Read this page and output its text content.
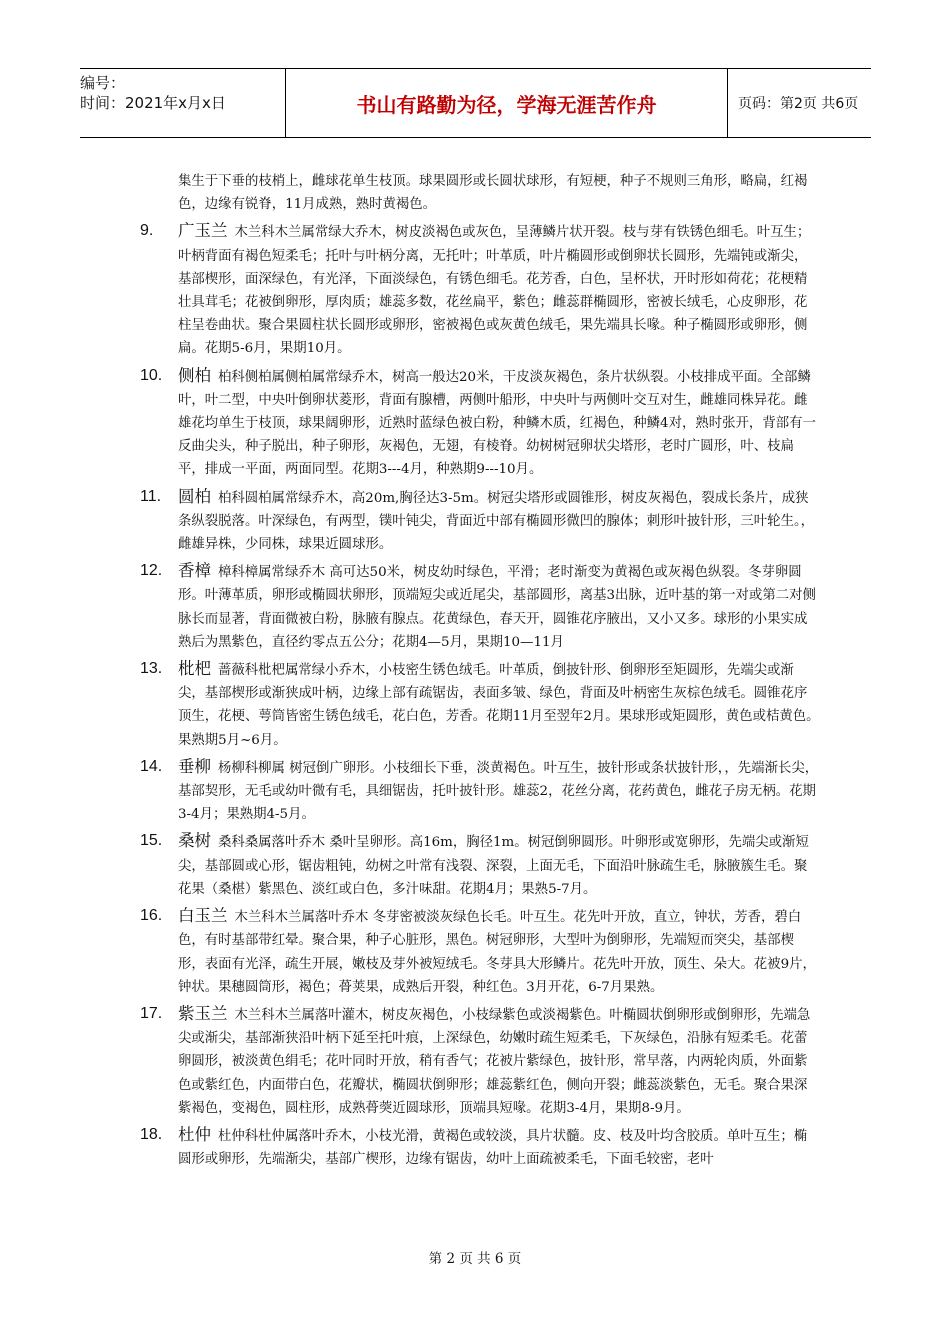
编号：
时间：2021年x月x日	书山有路勤为径，学海无涯苦作舟	页码：第2页 共6页
集生于下垂的枝梢上，雌球花单生枝顶。球果圆形或长圆状球形，有短梗，种子不规则三角形，略扁，红褐色，边缘有锐脊，11月成熟，熟时黄褐色。
9. 广玉兰 木兰科木兰属常绿大乔木，树皮淡褐色或灰色，呈薄鳞片状开裂。枝与芽有铁锈色细毛。叶互生；叶柄背面有褐色短柔毛；托叶与叶柄分离，无托叶；叶革质，叶片椭圆形或倒卵状长圆形，先端钝或渐尖，基部楔形，面深绿色，有光泽，下面淡绿色，有锈色细毛。花芳香，白色，呈杯状，开时形如荷花；花梗精壮具茸毛；花被倒卵形，厚肉质；雄蕊多数，花丝扁平，紫色；雌蕊群椭圆形，密被长绒毛，心皮卵形，花柱呈卷曲状。聚合果圆柱状长圆形或卵形，密被褐色或灰黄色绒毛，果先端具长喙。种子椭圆形或卵形，侧扁。花期5-6月，果期10月。
10. 侧柏 柏科侧柏属侧柏属常绿乔木，树高一般达20米，干皮淡灰褐色，条片状纵裂。小枝排成平面。全部鳞叶，叶二型，中央叶倒卵状菱形，背面有腺槽，两侧叶船形，中央叶与两侧叶交互对生，雌雄同株异花。雌雄花均单生于枝顶，球果阔卵形，近熟时蓝绿色被白粉，种鳞木质，红褐色，种鳞4对，熟时张开，背部有一反曲尖头，种子脱出，种子卵形，灰褐色，无翅，有棱脊。幼树树冠卵状尖塔形，老时广圆形，叶、枝扁平，排成一平面，两面同型。花期3---4月，种熟期9---10月。
11. 圆柏 柏科圆柏属常绿乔木，高20m,胸径达3-5m。树冠尖塔形或圆锥形，树皮灰褐色，裂成长条片，成狭条纵裂脱落。叶深绿色，有两型，镤叶钝尖，背面近中部有椭圆形微凹的腺体；刺形叶披针形，三叶轮生。，雌雄异株，少同株，球果近圆球形。
12. 香樟 樟科樟属常绿乔木 高可达50米，树皮幼时绿色，平滑；老时渐变为黄褐色或灰褐色纵裂。冬芽卵圆形。叶薄革质，卵形或椭圆状卵形，顶端短尖或近尾尖，基部圆形，离基3出脉，近叶基的第一对或第二对侧脉长而显著，背面微被白粉，脉腋有腺点。花黄绿色，春天开，圆锥花序腋出，又小又多。球形的小果实成熟后为黑紫色，直径约零点五公分；花期4—5月，果期10—11月
13. 枇杷 蔷薇科枇杷属常绿小乔木，小枝密生锈色绒毛。叶革质，倒披针形、倒卵形至矩圆形，先端尖或渐尖，基部楔形或渐狭成叶柄，边缘上部有疏锯齿，表面多皱、绿色，背面及叶柄密生灰棕色绒毛。圆锥花序顶生，花梗、萼筒皆密生锈色绒毛，花白色，芳香。花期11月至翌年2月。果球形或矩圆形，黄色或桔黄色。果熟期5月~6月。
14. 垂柳 杨柳科柳属 树冠倒广卵形。小枝细长下垂，淡黄褐色。叶互生，披针形或条状披针形，，先端渐长尖，基部契形，无毛或幼叶微有毛，具细锯齿，托叶披针形。雄蕊2，花丝分离，花药黄色，雌花子房无柄。花期3-4月；果熟期4-5月。
15. 桑树 桑科桑属落叶乔木 桑叶呈卵形。高16m，胸径1m。树冠倒卵圆形。叶卵形或宽卵形，先端尖或渐短尖，基部圆或心形，锯齿粗钝，幼树之叶常有浅裂、深裂，上面无毛，下面沿叶脉疏生毛，脉腋簇生毛。聚花果（桑椹）紫黑色、淡红或白色，多汁味甜。花期4月；果熟5-7月。
16. 白玉兰 木兰科木兰属落叶乔木 冬芽密被淡灰绿色长毛。叶互生。花先叶开放，直立，钟状，芳香，碧白色，有时基部带红晕。聚合果，种子心脏形，黑色。树冠卵形，大型叶为倒卵形，先端短而突尖，基部楔形，表面有光泽，疏生开展，嫩枝及芽外被短绒毛。冬芽具大形鳞片。花先叶开放，顶生、朵大。花被9片，钟状。果穗圆筒形，褐色；蓇荚果，成熟后开裂，种红色。3月开花，6-7月果熟。
17. 紫玉兰 木兰科木兰属落叶灌木，树皮灰褐色，小枝绿紫色或淡褐紫色。叶椭圆状倒卵形或倒卵形，先端急尖或渐尖，基部渐狭沿叶柄下延至托叶痕，上深绿色，幼嫩时疏生短柔毛，下灰绿色，沿脉有短柔毛。花蕾卵圆形，被淡黄色绢毛；花叶同时开放，稍有香气；花被片紫绿色，披针形，常早落，内两轮肉质，外面紫色或紫红色，内面带白色，花瓣状，椭圆状倒卵形；雄蕊紫红色，侧向开裂；雌蕊淡紫色，无毛。聚合果深紫褐色，变褐色，圆柱形，成熟蓇葖近圆球形，顶端具短喙。花期3-4月，果期8-9月。
18. 杜仲 杜仲科杜仲属落叶乔木，小枝光滑，黄褐色或较淡，具片状髓。皮、枝及叶均含胶质。单叶互生；椭圆形或卵形，先端渐尖，基部广楔形，边缘有锯齿，幼叶上面疏被柔毛，下面毛较密，老叶
第 2 页 共 6 页
